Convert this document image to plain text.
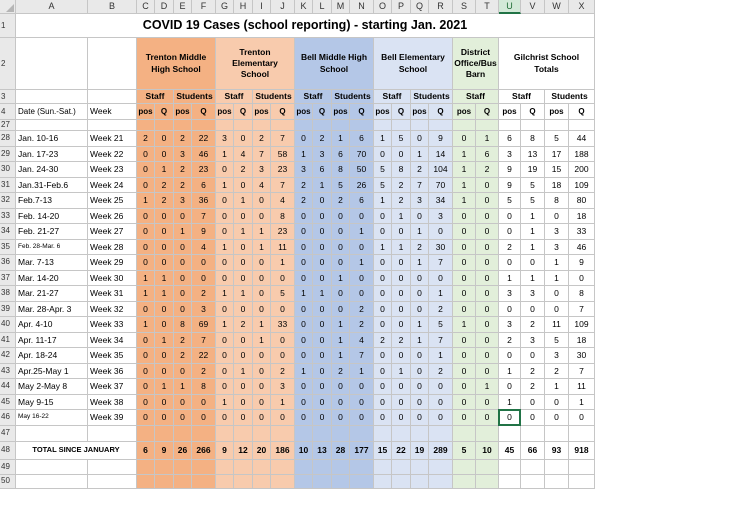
A	B	C	D	E	F	G	H	I	J	K	L	M	N	O	P	Q	R	S	T	U	V	W	X
1
2
3
4
27
28
29
30
31
32
33
34
35
36
37
38
39
40
41
42
43
44
45
46
47
48
49
50
COVID 19 Cases (school reporting) - starting Jan. 2021
Trenton Middle High School
Trenton Elementary School
Bell Middle High School
Bell Elementary School
District Office/Bus Barn
Gilchrist School Totals
Staff	Students	Staff	Students	Staff	Students	Staff	Students	Staff	Staff	Students
Date (Sun.-Sat.)	Week	pos	Q	pos	Q	pos	Q	pos	Q	pos	Q	pos	Q	pos	Q	pos	Q	pos	Q	pos	Q	pos	Q
Jan. 10-16	Week 21	2	0	2	22	3	0	2	7	0	2	1	6	1	5	0	9	0	1	6	8	5	44
Jan. 17-23	Week 22	0	0	3	46	1	4	7	58	1	3	6	70	0	0	1	14	1	6	3	13	17	188
Jan. 24-30	Week 23	0	1	2	23	0	2	3	23	3	6	8	50	5	8	2	104	1	2	9	19	15	200
Jan.31-Feb.6	Week 24	0	2	2	6	1	0	4	7	2	1	5	26	5	2	7	70	1	0	9	5	18	109
Feb.7-13	Week 25	1	2	3	36	0	1	0	4	2	0	2	6	1	2	3	34	1	0	5	5	8	80
Feb. 14-20	Week 26	0	0	0	7	0	0	0	8	0	0	0	0	0	1	0	3	0	0	0	1	0	18
Feb. 21-27	Week 27	0	0	1	9	0	1	1	23	0	0	0	1	0	0	1	0	0	0	0	1	3	33
Feb. 28-Mar. 6	Week 28	0	0	0	4	1	0	1	11	0	0	0	0	1	1	2	30	0	0	2	1	3	46
Mar. 7-13	Week 29	0	0	0	0	0	0	0	1	0	0	0	1	0	0	1	7	0	0	0	0	1	9
Mar. 14-20	Week 30	1	1	0	0	0	0	0	0	0	0	1	0	0	0	0	0	0	0	1	1	1	0
Mar. 21-27	Week 31	1	1	0	2	1	1	0	5	1	1	0	0	0	0	0	1	0	0	3	3	0	8
Mar. 28-Apr. 3	Week 32	0	0	0	3	0	0	0	0	0	0	0	2	0	0	0	2	0	0	0	0	0	7
Apr. 4-10	Week 33	1	0	8	69	1	2	1	33	0	0	1	2	0	0	1	5	1	0	3	2	11	109
Apr. 11-17	Week 34	0	1	2	7	0	0	1	0	0	0	1	4	2	2	1	7	0	0	2	3	5	18
Apr. 18-24	Week 35	0	0	2	22	0	0	0	0	0	0	1	7	0	0	0	1	0	0	0	0	3	30
Apr.25-May 1	Week 36	0	0	0	2	0	1	0	2	1	0	2	1	0	1	0	2	0	0	1	2	2	7
May 2-May 8	Week 37	0	1	1	8	0	0	0	3	0	0	0	0	0	0	0	0	0	1	0	2	1	11
May 9-15	Week 38	0	0	0	0	1	0	0	1	0	0	0	0	0	0	0	0	0	0	1	0	0	1
May 16-22	Week 39	0	0	0	0	0	0	0	0	0	0	0	0	0	0	0	0	0	0	0	0	0	0
TOTAL SINCE JANUARY	6	9	26	266	9	12	20	186	10	13	28	177	15	22	19	289	5	10	45	66	93	918
